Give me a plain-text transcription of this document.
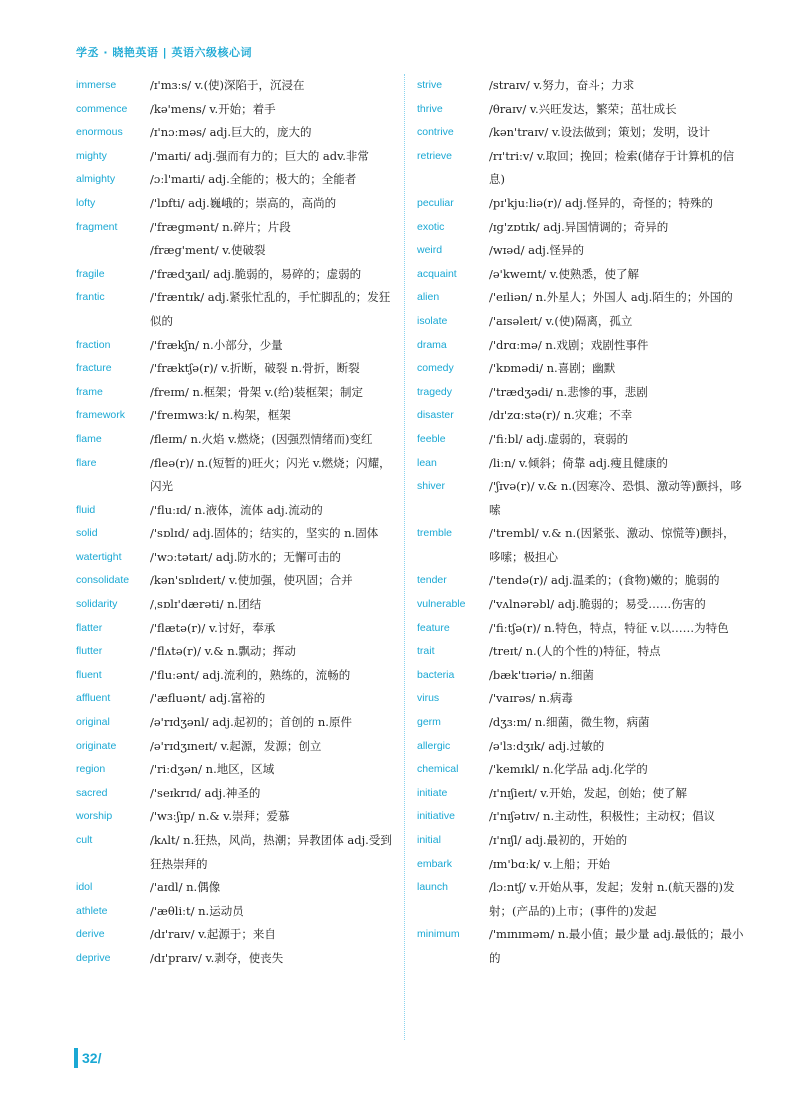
学丞 · 晓艳英语 | 英语六级核心词
immerse	/ɪ'mɜːs/ v.(使)深陷于，沉浸在
commence /kə'mens/ v.开始；着手
enormous /ɪ'nɔːməs/ adj.巨大的，庞大的
mighty	/'maɪti/ adj.强而有力的；巨大的 adv.非常
almighty	/ɔːl'maɪti/ adj.全能的；极大的；全能者
lofty	/'lɒfti/ adj.巍峨的；崇高的，高尚的
fragment	/'frægmənt/ n.碎片；片段
/fræg'ment/ v.使破裂
fragile	/'frædʒaɪl/ adj.脆弱的，易碎的；虚弱的
frantic	/'fræntɪk/ adj.紧张忙乱的，手忙脚乱的；发狂似的
fraction	/'frækʃn/ n.小部分，少量
fracture	/'fræktʃə(r)/ v.折断，破裂 n.骨折，断裂
frame	/freɪm/ n.框架；骨架 v.(给)装框架；制定
framework /'freɪmwɜːk/ n.构架，框架
flame	/fleɪm/ n.火焰 v.燃烧；(因强烈情绪而)变红
flare	/fleə(r)/ n.(短暂的)旺火；闪光 v.燃烧；闪耀，闪光
fluid	/'fluːɪd/ n.液体，流体 adj.流动的
solid	/'sɒlɪd/ adj.固体的；结实的，坚实的 n.固体
watertight /'wɔːtətaɪt/ adj.防水的；无懈可击的
consolidate /kən'sɒlɪdeɪt/ v.使加强，使巩固；合并
solidarity	/ˌsɒlɪ'dærəti/ n.团结
flatter	/'flætə(r)/ v.讨好，奉承
flutter	/'flʌtə(r)/ v.& n.飘动；挥动
fluent	/'fluːənt/ adj.流利的，熟练的，流畅的
affluent	/'æfluənt/ adj.富裕的
original	/ə'rɪdʒənl/ adj.起初的；首创的 n.原件
originate	/ə'rɪdʒɪneɪt/ v.起源，发源；创立
region	/'riːdʒən/ n.地区，区域
sacred	/'seɪkrɪd/ adj.神圣的
worship	/'wɜːʃɪp/ n.& v.崇拜；爱慕
cult	/kʌlt/ n.狂热，风尚，热潮；异教团体 adj.受到狂热崇拜的
idol	/'aɪdl/ n.偶像
athlete	/'æθliːt/ n.运动员
derive	/dɪ'raɪv/ v.起源于；来自
deprive	/dɪ'praɪv/ v.剥夺，使丧失
strive	/straɪv/ v.努力，奋斗；力求
thrive	/θraɪv/ v.兴旺发达，繁荣；茁壮成长
contrive	/kən'traɪv/ v.设法做到；策划；发明，设计
retrieve	/rɪ'triːv/ v.取回；挽回；检索(储存于计算机的信息)
peculiar	/pɪ'kjuːliə(r)/ adj.怪异的，奇怪的；特殊的
exotic	/ɪg'zɒtɪk/ adj.异国情调的；奇异的
weird	/wɪəd/ adj.怪异的
acquaint	/ə'kweɪnt/ v.使熟悉，使了解
alien	/'eɪliən/ n.外星人；外国人 adj.陌生的；外国的
isolate	/'aɪsəleɪt/ v.(使)隔离，孤立
drama	/'drɑːmə/ n.戏剧；戏剧性事件
comedy	/'kɒmədi/ n.喜剧；幽默
tragedy	/'trædʒədi/ n.悲惨的事，悲剧
disaster	/dɪ'zɑːstə(r)/ n.灾难；不幸
feeble	/'fiːbl/ adj.虚弱的，衰弱的
lean	/liːn/ v.倾斜；倚靠 adj.瘦且健康的
shiver	/'ʃɪvə(r)/ v.& n.(因寒冷、恐惧、激动等)颤抖，哆嗦
tremble	/'trembl/ v.& n.(因紧张、激动、惊慌等)颤抖，哆嗦；极担心
tender	/'tendə(r)/ adj.温柔的；(食物)嫩的；脆弱的
vulnerable /'vʌlnərəbl/ adj.脆弱的；易受……伤害的
feature	/'fiːtʃə(r)/ n.特色，特点，特征 v.以……为特色
trait	/treɪt/ n.(人的个性的)特征，特点
bacteria	/bæk'tɪəriə/ n.细菌
virus	/'vaɪrəs/ n.病毒
germ	/dʒɜːm/ n.细菌，微生物，病菌
allergic	/ə'lɜːdʒɪk/ adj.过敏的
chemical	/'kemɪkl/ n.化学品 adj.化学的
initiate	/ɪ'nɪʃieɪt/ v.开始，发起，创始；使了解
initiative	/ɪ'nɪʃətɪv/ n.主动性，积极性；主动权；倡议
initial	/ɪ'nɪʃl/ adj.最初的，开始的
embark	/ɪm'bɑːk/ v.上船；开始
launch	/lɔːntʃ/ v.开始从事，发起；发射 n.(航天器的)发射；(产品的)上市；(事件的)发起
minimum	/'mɪnɪməm/ n.最小值；最少量 adj.最低的；最小的
32/
